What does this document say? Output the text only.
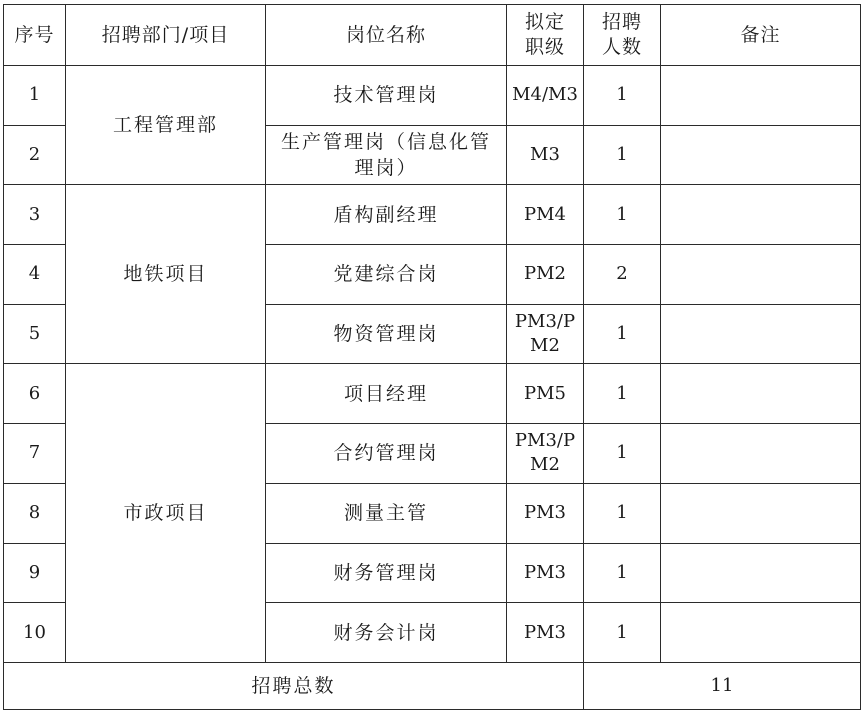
序号	招聘部门/项目	岗位名称	拟定职级	招聘人数	备注
1	工程管理部	技术管理岗	M4/M3	1	
2		生产管理岗（信息化管理岗）	M3	1	
3	地铁项目	盾构副经理	PM4	1	
4		党建综合岗	PM2	2	
5		物资管理岗	PM3/PM2	1	
6	市政项目	项目经理	PM5	1	
7		合约管理岗	PM3/PM2	1	
8		测量主管	PM3	1	
9		财务管理岗	PM3	1	
10		财务会计岗	PM3	1	
招聘总数				11	
